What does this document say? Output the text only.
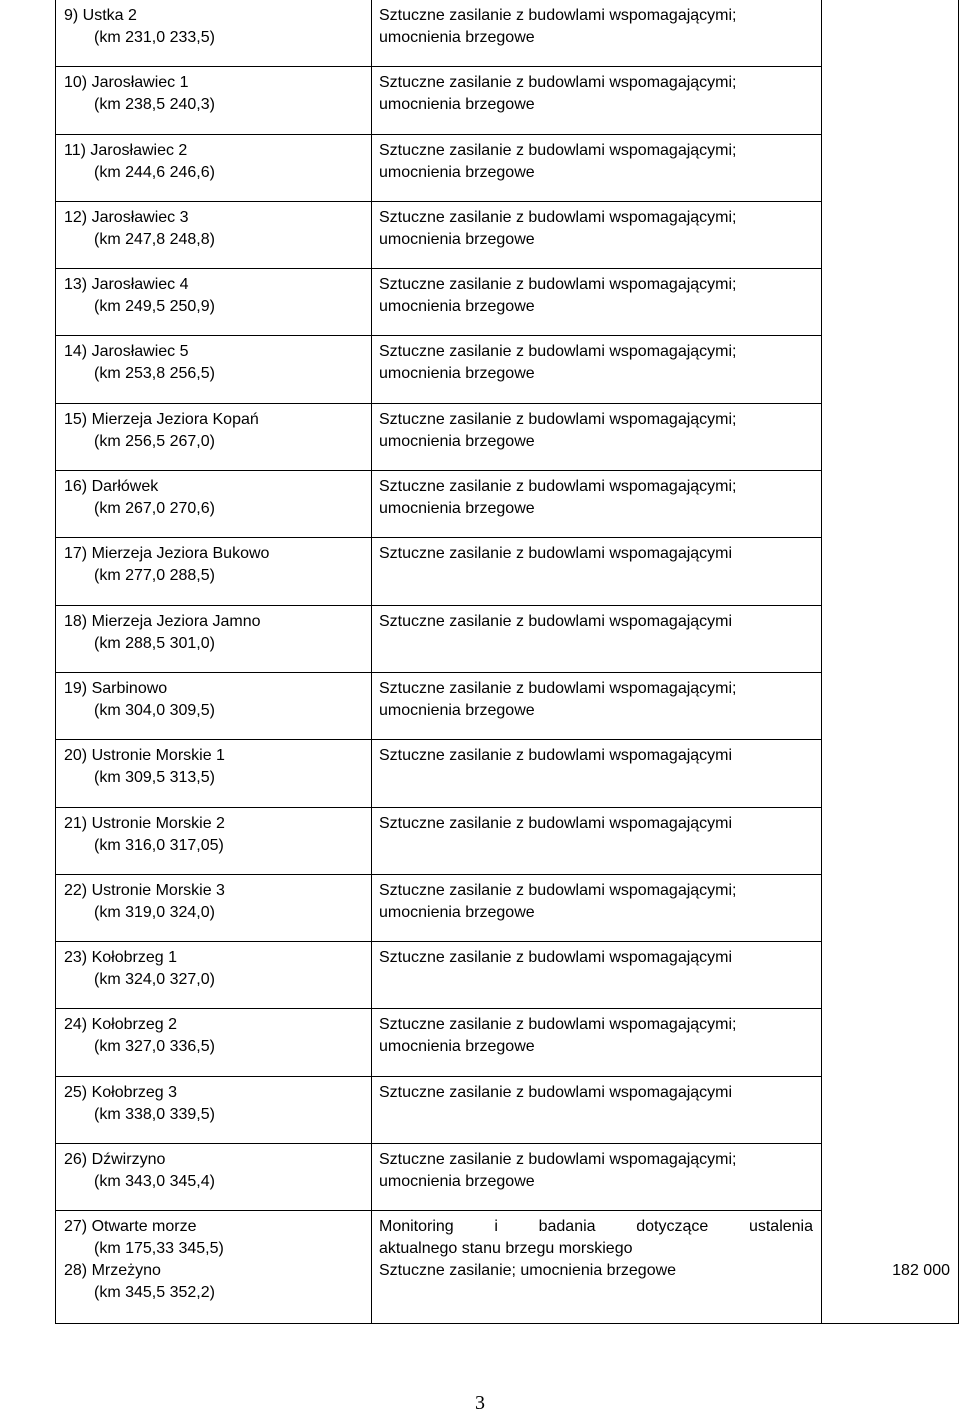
9) Ustka 2
(km 231,0 233,5)
Sztuczne zasilanie z budowlami wspomagającymi;
umocnienia brzegowe
10) Jarosławiec 1
(km 238,5 240,3)
Sztuczne zasilanie z budowlami wspomagającymi;
umocnienia brzegowe
11) Jarosławiec 2
(km 244,6 246,6)
Sztuczne zasilanie z budowlami wspomagającymi;
umocnienia brzegowe
12) Jarosławiec 3
(km 247,8 248,8)
Sztuczne zasilanie z budowlami wspomagającymi;
umocnienia brzegowe
13) Jarosławiec 4
(km 249,5 250,9)
Sztuczne zasilanie z budowlami wspomagającymi;
umocnienia brzegowe
14) Jarosławiec 5
(km 253,8 256,5)
Sztuczne zasilanie z budowlami wspomagającymi;
umocnienia brzegowe
15) Mierzeja Jeziora Kopań
(km 256,5 267,0)
Sztuczne zasilanie z budowlami wspomagającymi;
umocnienia brzegowe
16) Darłówek
(km 267,0 270,6)
Sztuczne zasilanie z budowlami wspomagającymi;
umocnienia brzegowe
17) Mierzeja Jeziora Bukowo
(km 277,0 288,5)
Sztuczne zasilanie z budowlami wspomagającymi
18) Mierzeja Jeziora Jamno
(km 288,5 301,0)
Sztuczne zasilanie z budowlami wspomagającymi
19) Sarbinowo
(km 304,0 309,5)
Sztuczne zasilanie z budowlami wspomagającymi;
umocnienia brzegowe
20) Ustronie Morskie 1
(km 309,5 313,5)
Sztuczne zasilanie z budowlami wspomagającymi
21) Ustronie Morskie 2
(km 316,0 317,05)
Sztuczne zasilanie z budowlami wspomagającymi
22) Ustronie Morskie 3
(km 319,0 324,0)
Sztuczne zasilanie z budowlami wspomagającymi;
umocnienia brzegowe
23) Kołobrzeg 1
(km 324,0 327,0)
Sztuczne zasilanie z budowlami wspomagającymi
24) Kołobrzeg 2
(km 327,0 336,5)
Sztuczne zasilanie z budowlami wspomagającymi;
umocnienia brzegowe
25) Kołobrzeg 3
(km 338,0 339,5)
Sztuczne zasilanie z budowlami wspomagającymi
26) Dźwirzyno
(km 343,0 345,4)
Sztuczne zasilanie z budowlami wspomagającymi;
umocnienia brzegowe
27) Otwarte morze
(km 175,33 345,5)
28) Mrzeżyno
(km 345,5 352,2)
Monitoring i badania dotyczące ustalenia
aktualnego stanu brzegu morskiego
Sztuczne zasilanie; umocnienia brzegowe	182 000
3
